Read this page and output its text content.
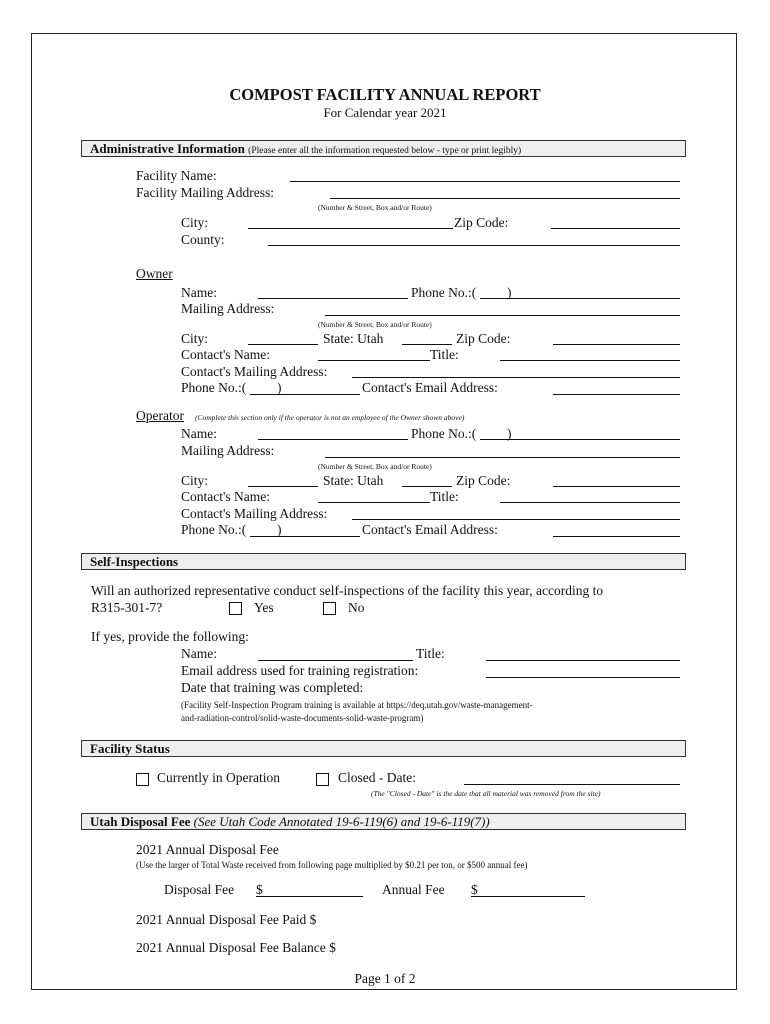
COMPOST FACILITY ANNUAL REPORT
For Calendar year 2021
Administrative Information (Please enter all the information requested below - type or print legibly)
Facility Name:
Facility Mailing Address:
(Number & Street, Box and/or Route)
City:	Zip Code:
County:
Owner
Name:	Phone No.:( )
Mailing Address:
(Number & Street, Box and/or Route)
City:	State: Utah	Zip Code:
Contact's Name:	Title:
Contact's Mailing Address:
Phone No.:( )	Contact's Email Address:
Operator (Complete this section only if the operator is not an employee of the Owner shown above)
Name:	Phone No.:( )
Mailing Address:
(Number & Street, Box and/or Route)
City:	State: Utah	Zip Code:
Contact's Name:	Title:
Contact's Mailing Address:
Phone No.:( )	Contact's Email Address:
Self-Inspections
Will an authorized representative conduct self-inspections of the facility this year, according to
R315-301-7?	Yes	No
If yes, provide the following:
Name:	Title:
Email address used for training registration:
Date that training was completed:
(Facility Self-Inspection Program training is available at https://deq.utah.gov/waste-management-
and-radiation-control/solid-waste-documents-solid-waste-program)
Facility Status
Currently in Operation	Closed - Date:
(The "Closed - Date" is the date that all material was removed from the site)
Utah Disposal Fee (See Utah Code Annotated 19-6-119(6) and 19-6-119(7))
2021 Annual Disposal Fee
(Use the larger of Total Waste received from following page multiplied by $0.21 per ton, or $500 annual fee)
Disposal Fee $	Annual Fee $
2021 Annual Disposal Fee Paid $
2021 Annual Disposal Fee Balance $
Page 1 of 2
